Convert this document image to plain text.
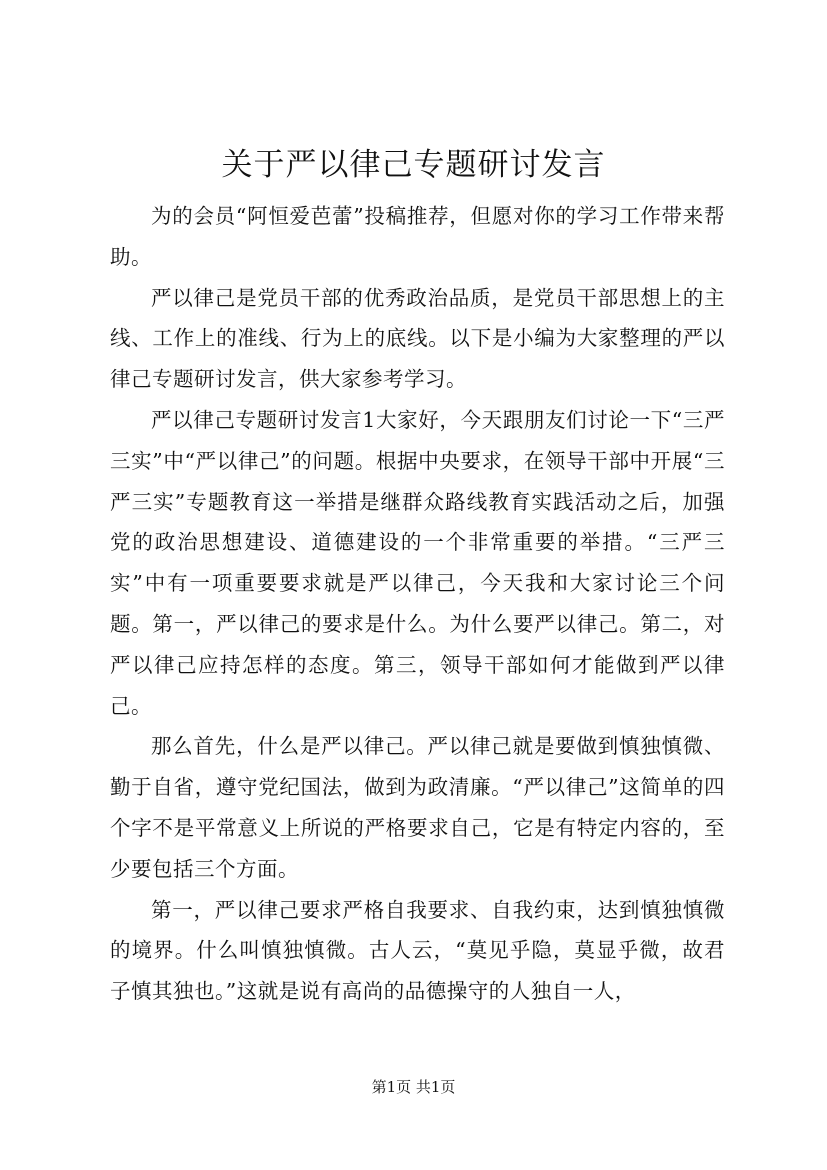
关于严以律己专题研讨发言

为的会员“阿恒爱芭蕾”投稿推荐，但愿对你的学习工作带来帮助。

严以律己是党员干部的优秀政治品质，是党员干部思想上的主线、工作上的准线、行为上的底线。以下是小编为大家整理的严以律己专题研讨发言，供大家参考学习。

严以律己专题研讨发言1大家好，今天跟朋友们讨论一下“三严三实”中“严以律己”的问题。根据中央要求，在领导干部中开展“三严三实”专题教育这一举措是继群众路线教育实践活动之后，加强党的政治思想建设、道德建设的一个非常重要的举措。“三严三实”中有一项重要要求就是严以律己，今天我和大家讨论三个问题。第一，严以律己的要求是什么。为什么要严以律己。第二，对严以律己应持怎样的态度。第三，领导干部如何才能做到严以律己。

那么首先，什么是严以律己。严以律己就是要做到慎独慎微、勤于自省，遵守党纪国法，做到为政清廉。“严以律己”这简单的四个字不是平常意义上所说的严格要求自己，它是有特定内容的，至少要包括三个方面。

第一，严以律己要求严格自我要求、自我约束，达到慎独慎微的境界。什么叫慎独慎微。古人云，“莫见乎隐，莫显乎微，故君子慎其独也。”这就是说有高尚的品德操守的人独自一人，

第1页 共1页
